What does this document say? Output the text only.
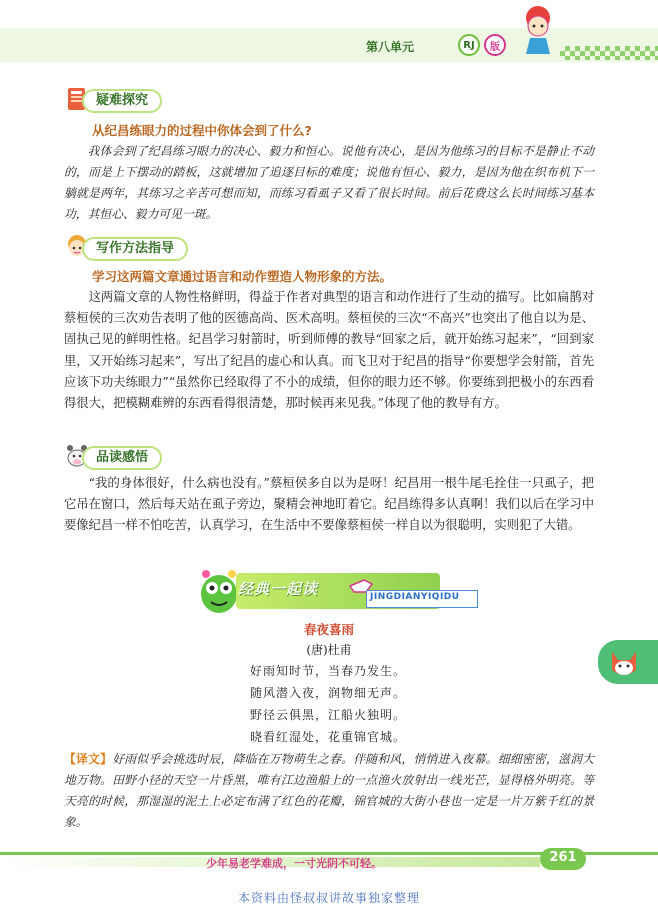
第八单元	RJ	版
疑难探究
从纪昌练眼力的过程中你体会到了什么?
我体会到了纪昌练习眼力的决心、毅力和恒心。说他有决心，是因为他练习的目标不是静止不动的，而是上下摆动的踏板，这就增加了追逐目标的难度；说他有恒心、毅力，是因为他在织布机下一躺就是两年，其练习之辛苦可想而知，而练习看虱子又看了很长时间。前后花费这么长时间练习基本功，其恒心、毅力可见一斑。
写作方法指导
学习这两篇文章通过语言和动作塑造人物形象的方法。
这两篇文章的人物性格鲜明，得益于作者对典型的语言和动作进行了生动的描写。比如扁鹊对蔡桓侯的三次劝告表明了他的医德高尚、医术高明。蔡桓侯的三次“不高兴”也突出了他自以为是、固执己见的鲜明性格。纪昌学习射箭时，听到师傅的教导“回家之后，就开始练习起来”，“回到家里，又开始练习起来”，写出了纪昌的虚心和认真。而飞卫对于纪昌的指导“你要想学会射箭，首先应该下功夫练眼力”“虽然你已经取得了不小的成绩，但你的眼力还不够。你要练到把极小的东西看得很大，把模糊难辨的东西看得很清楚，那时候再来见我。”体现了他的教导有方。
品读感悟
“我的身体很好，什么病也没有。”蔡桓侯多自以为是呀！纪昌用一根牛尾毛拴住一只虱子，把它吊在窗口，然后每天站在虱子旁边，聚精会神地盯着它。纪昌练得多认真啊！我们以后在学习中要像纪昌一样不怕吃苦，认真学习，在生活中不要像蔡桓侯一样自以为很聪明，实则犯了大错。
经典一起读	JINGDIANYIQIDU
春夜喜雨
(唐)杜甫
好雨知时节，当春乃发生。
随风潜入夜，润物细无声。
野径云俱黑，江船火独明。
晓看红湿处，花重锦官城。
【译文】好雨似乎会挑选时辰，降临在万物萌生之春。伴随和风，悄悄进入夜幕。细细密密，滋润大地万物。田野小径的天空一片昏黑，唯有江边渔船上的一点渔火放射出一线光芒，显得格外明亮。等天亮的时候，那湿湿的泥土上必定布满了红色的花瓣，锦官城的大街小巷也一定是一片万紫千红的景象。
少年易老学难成，一寸光阴不可轻。	261
本资料由怪叔叔讲故事独家整理
